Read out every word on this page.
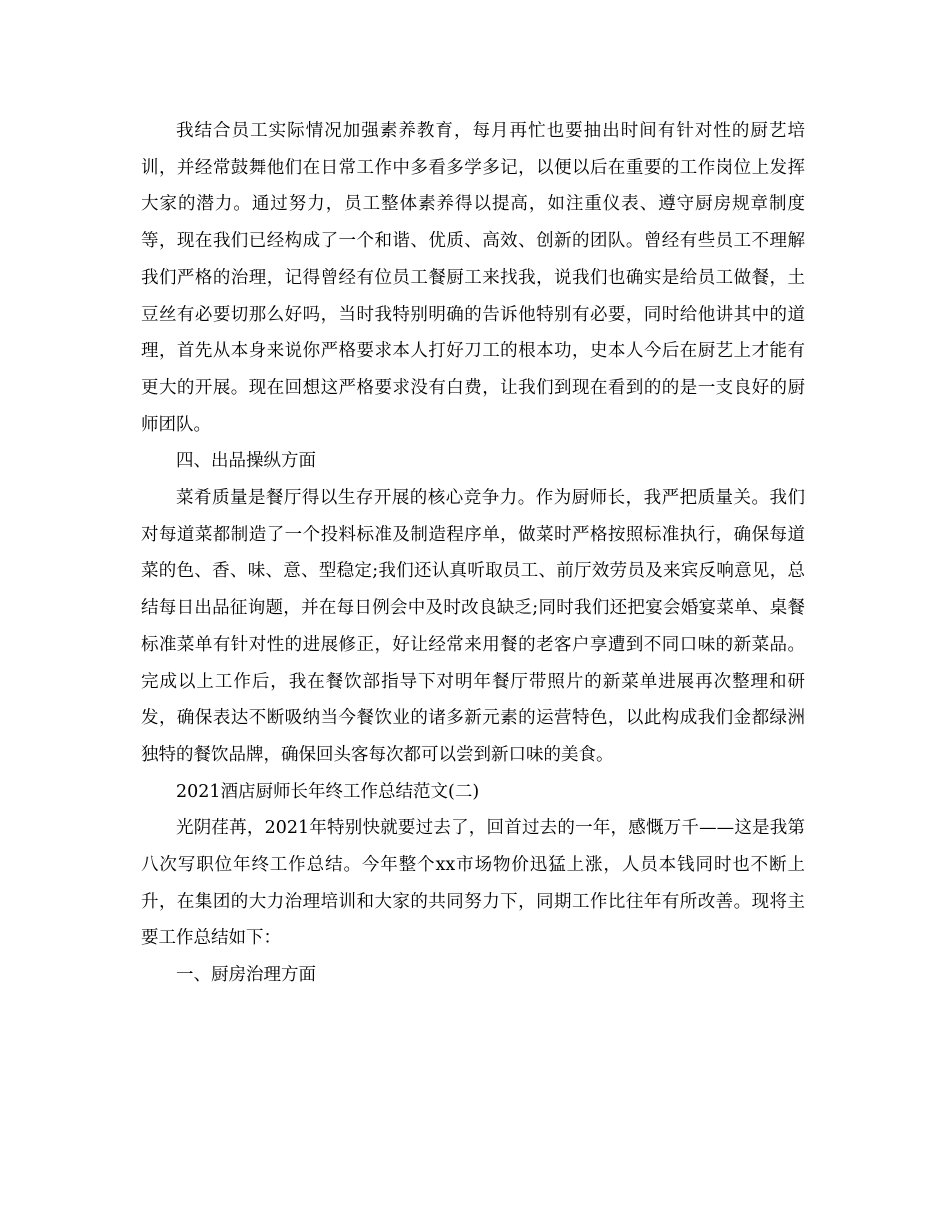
我结合员工实际情况加强素养教育，每月再忙也要抽出时间有针对性的厨艺培训，并经常鼓舞他们在日常工作中多看多学多记，以便以后在重要的工作岗位上发挥大家的潜力。通过努力，员工整体素养得以提高，如注重仪表、遵守厨房规章制度等，现在我们已经构成了一个和谐、优质、高效、创新的团队。曾经有些员工不理解我们严格的治理，记得曾经有位员工餐厨工来找我，说我们也确实是给员工做餐，土豆丝有必要切那么好吗，当时我特别明确的告诉他特别有必要，同时给他讲其中的道理，首先从本身来说你严格要求本人打好刀工的根本功，史本人今后在厨艺上才能有更大的开展。现在回想这严格要求没有白费，让我们到现在看到的的是一支良好的厨师团队。

四、出品操纵方面

菜肴质量是餐厅得以生存开展的核心竞争力。作为厨师长，我严把质量关。我们对每道菜都制造了一个投料标准及制造程序单，做菜时严格按照标准执行，确保每道菜的色、香、味、意、型稳定;我们还认真听取员工、前厅效劳员及来宾反响意见，总结每日出品征询题，并在每日例会中及时改良缺乏;同时我们还把宴会婚宴菜单、桌餐标准菜单有针对性的进展修正，好让经常来用餐的老客户享遭到不同口味的新菜品。完成以上工作后，我在餐饮部指导下对明年餐厅带照片的新菜单进展再次整理和研发，确保表达不断吸纳当今餐饮业的诸多新元素的运营特色，以此构成我们金都绿洲独特的餐饮品牌，确保回头客每次都可以尝到新口味的美食。

2021酒店厨师长年终工作总结范文(二)

光阴荏苒，2021年特别快就要过去了，回首过去的一年，感慨万千——这是我第八次写职位年终工作总结。今年整个xx市场物价迅猛上涨，人员本钱同时也不断上升，在集团的大力治理培训和大家的共同努力下，同期工作比往年有所改善。现将主要工作总结如下：

一、厨房治理方面
